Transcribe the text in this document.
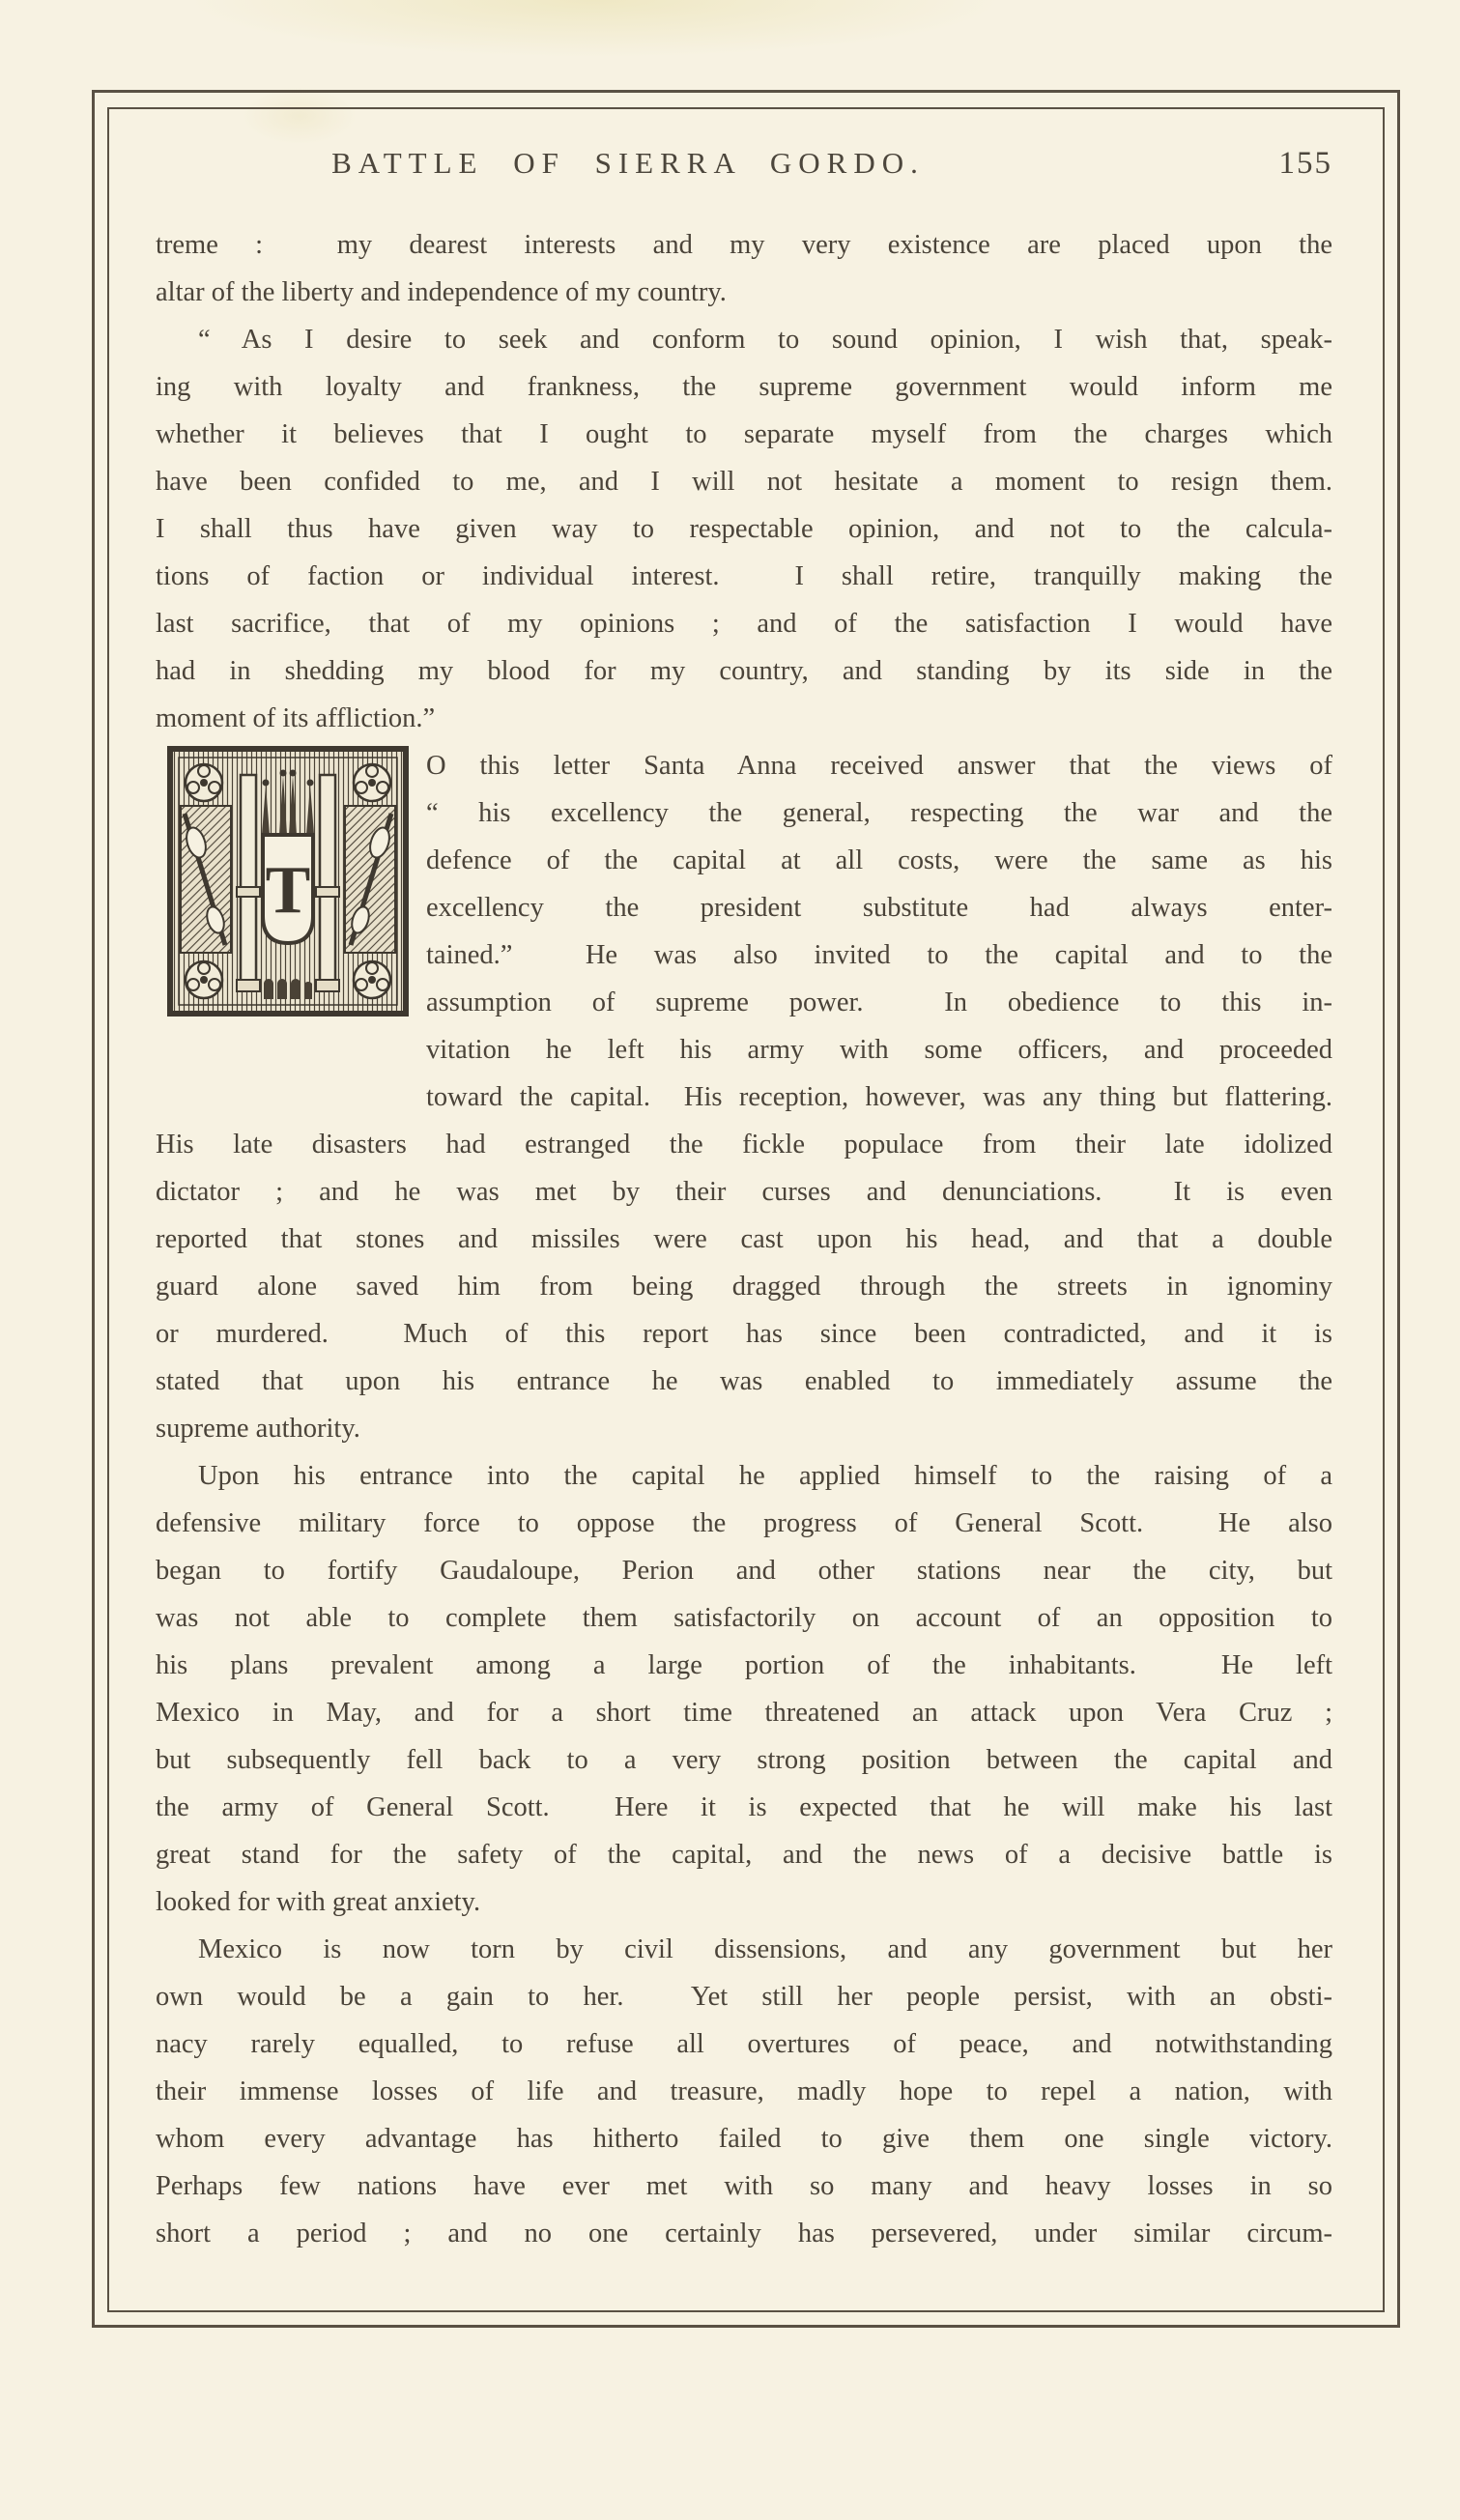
BATTLE OF SIERRA GORDO.	155
treme :  my dearest interests and my very existence are placed upon the
altar of the liberty and independence of my country.
“ As I desire to seek and conform to sound opinion, I wish that, speak-
ing with loyalty and frankness, the supreme government would inform me
whether it believes that I ought to separate myself from the charges which
have been confided to me, and I will not hesitate a moment to resign them.
I shall thus have given way to respectable opinion, and not to the calcula-
tions of faction or individual interest.  I shall retire, tranquilly making the
last sacrifice, that of my opinions ; and of the satisfaction I would have
had in shedding my blood for my country, and standing by its side in the
moment of its affliction.”
T
O this letter Santa Anna received answer that the views of
“ his excellency the general, respecting the war and the
defence of the capital at all costs, were the same as his
excellency the president substitute had always enter-
tained.”  He was also invited to the capital and to the
assumption of supreme power.  In obedience to this in-
vitation he left his army with some officers, and proceeded
toward the capital.  His reception, however, was any thing but flattering.
His late disasters had estranged the fickle populace from their late idolized
dictator ; and he was met by their curses and denunciations.  It is even
reported that stones and missiles were cast upon his head, and that a double
guard alone saved him from being dragged through the streets in ignominy
or murdered.  Much of this report has since been contradicted, and it is
stated that upon his entrance he was enabled to immediately assume the
supreme authority.
Upon his entrance into the capital he applied himself to the raising of a
defensive military force to oppose the progress of General Scott.  He also
began to fortify Gaudaloupe, Perion and other stations near the city, but
was not able to complete them satisfactorily on account of an opposition to
his plans prevalent among a large portion of the inhabitants.  He left
Mexico in May, and for a short time threatened an attack upon Vera Cruz ;
but subsequently fell back to a very strong position between the capital and
the army of General Scott.  Here it is expected that he will make his last
great stand for the safety of the capital, and the news of a decisive battle is
looked for with great anxiety.
Mexico is now torn by civil dissensions, and any government but her
own would be a gain to her.  Yet still her people persist, with an obsti-
nacy rarely equalled, to refuse all overtures of peace, and notwithstanding
their immense losses of life and treasure, madly hope to repel a nation, with
whom every advantage has hitherto failed to give them one single victory.
Perhaps few nations have ever met with so many and heavy losses in so
short a period ; and no one certainly has persevered, under similar circum-
